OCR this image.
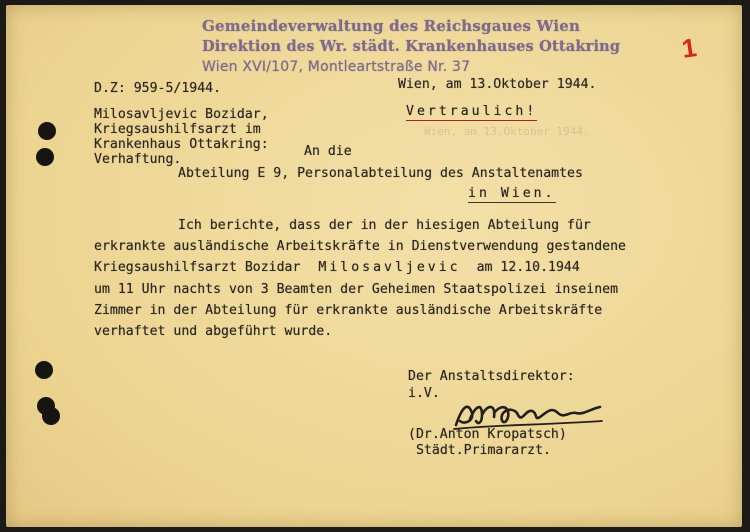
Gemeindeverwaltung des Reichsgaues Wien
Direktion des Wr. städt. Krankenhauses Ottakring
Wien XVI/107, Montleartstraße Nr. 37
1
D.Z: 959-5/1944.	Wien, am 13.Oktober 1944.
Vertraulich!
Milosavljevic Bozidar,
Kriegsaushilfsarzt im
Krankenhaus Ottakring:
Verhaftung.
Wien, am 13.Oktober 1944.
An die
Abteilung E 9, Personalabteilung des Anstaltenamtes
in Wien.
Ich berichte, dass der in der hiesigen Abteilung für
erkrankte ausländische Arbeitskräfte in Dienstverwendung gestandene
Kriegsaushilfsarzt Bozidar Milosavljevic am 12.10.1944
um 11 Uhr nachts von 3 Beamten der Geheimen Staatspolizei inseinem
Zimmer in der Abteilung für erkrankte ausländische Arbeitskräfte
verhaftet und abgeführt wurde.
Der Anstaltsdirektor:
i.V.
(Dr.Anton Kropatsch)
Städt.Primararzt.
